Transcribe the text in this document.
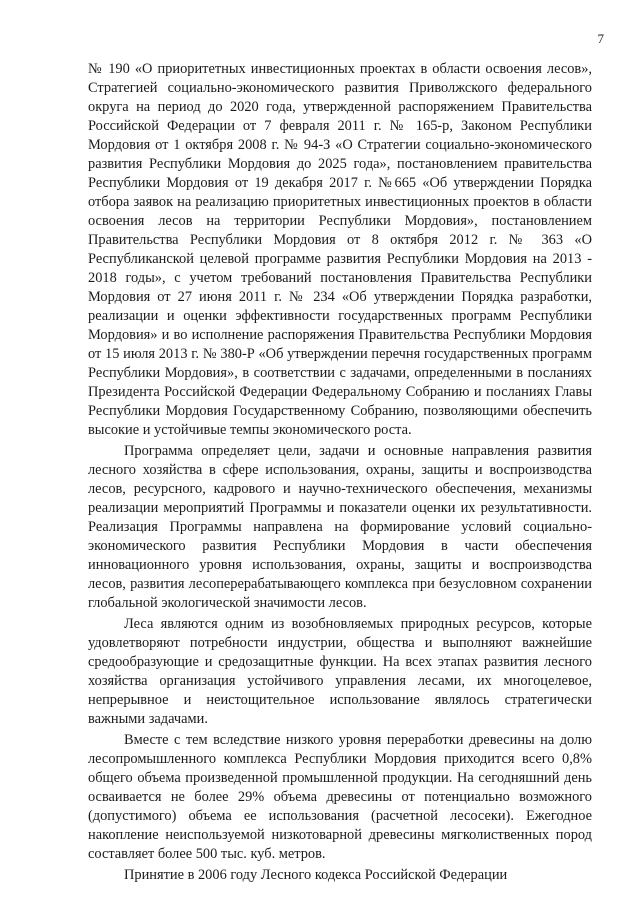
7

№ 190 «О приоритетных инвестиционных проектах в области освоения лесов», Стратегией социально-экономического развития Приволжского федерального округа на период до 2020 года, утвержденной распоряжением Правительства Российской Федерации от 7 февраля 2011 г. № 165-р, Законом Республики Мордовия от 1 октября 2008 г. № 94-З «О Стратегии социально-экономического развития Республики Мордовия до 2025 года», постановлением правительства Республики Мордовия от 19 декабря 2017 г. №665 «Об утверждении Порядка отбора заявок на реализацию приоритетных инвестиционных проектов в области освоения лесов на территории Республики Мордовия», постановлением Правительства Республики Мордовия от 8 октября 2012 г. № 363 «О Республиканской целевой программе развития Республики Мордовия на 2013 - 2018 годы», с учетом требований постановления Правительства Республики Мордовия от 27 июня 2011 г. № 234 «Об утверждении Порядка разработки, реализации и оценки эффективности государственных программ Республики Мордовия» и во исполнение распоряжения Правительства Республики Мордовия от 15 июля 2013 г. № 380-Р «Об утверждении перечня государственных программ Республики Мордовия», в соответствии с задачами, определенными в посланиях Президента Российской Федерации Федеральному Собранию и посланиях Главы Республики Мордовия Государственному Собранию, позволяющими обеспечить высокие и устойчивые темпы экономического роста.

Программа определяет цели, задачи и основные направления развития лесного хозяйства в сфере использования, охраны, защиты и воспроизводства лесов, ресурсного, кадрового и научно-технического обеспечения, механизмы реализации мероприятий Программы и показатели оценки их результативности. Реализация Программы направлена на формирование условий социально-экономического развития Республики Мордовия в части обеспечения инновационного уровня использования, охраны, защиты и воспроизводства лесов, развития лесоперерабатывающего комплекса при безусловном сохранении глобальной экологической значимости лесов.

Леса являются одним из возобновляемых природных ресурсов, которые удовлетворяют потребности индустрии, общества и выполняют важнейшие средообразующие и средозащитные функции. На всех этапах развития лесного хозяйства организация устойчивого управления лесами, их многоцелевое, непрерывное и неистощительное использование являлось стратегически важными задачами.

Вместе с тем вследствие низкого уровня переработки древесины на долю лесопромышленного комплекса Республики Мордовия приходится всего 0,8% общего объема произведенной промышленной продукции. На сегодняшний день осваивается не более 29% объема древесины от потенциально возможного (допустимого) объема ее использования (расчетной лесосеки). Ежегодное накопление неиспользуемой низкотоварной древесины мягколиственных пород составляет более 500 тыс. куб. метров.

Принятие в 2006 году Лесного кодекса Российской Федерации
